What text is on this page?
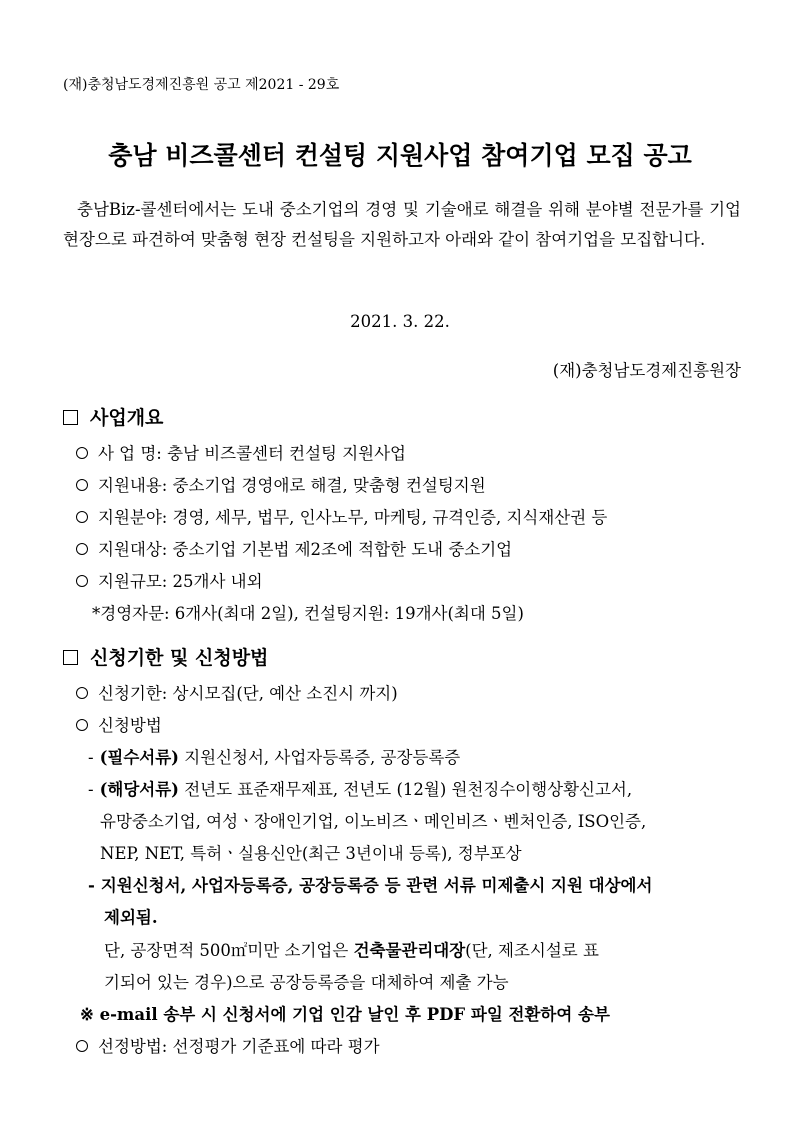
(재)충청남도경제진흥원 공고 제2021 - 29호
충남 비즈콜센터 컨설팅 지원사업 참여기업 모집 공고
충남Biz-콜센터에서는 도내 중소기업의 경영 및 기술애로 해결을 위해 분야별 전문가를 기업현장으로 파견하여 맞춤형 현장 컨설팅을 지원하고자 아래와 같이 참여기업을 모집합니다.
2021. 3. 22.
(재)충청남도경제진흥원장
사업개요
사 업 명: 충남 비즈콜센터 컨설팅 지원사업
지원내용: 중소기업 경영애로 해결, 맞춤형 컨설팅지원
지원분야: 경영, 세무, 법무, 인사노무, 마케팅, 규격인증, 지식재산권 등
지원대상: 중소기업 기본법 제2조에 적합한 도내 중소기업
지원규모: 25개사 내외
*경영자문: 6개사(최대 2일), 컨설팅지원: 19개사(최대 5일)
신청기한 및 신청방법
신청기한: 상시모집(단, 예산 소진시 까지)
신청방법
- (필수서류) 지원신청서, 사업자등록증, 공장등록증
- (해당서류) 전년도 표준재무제표, 전년도 (12월) 원천징수이행상황신고서,
유망중소기업, 여성ㆍ장애인기업, 이노비즈ㆍ메인비즈ㆍ벤처인증, ISO인증,
NEP, NET, 특허ㆍ실용신안(최근 3년이내 등록), 정부포상
- 지원신청서, 사업자등록증, 공장등록증 등 관련 서류 미제출시 지원 대상에서
제외됨.
단, 공장면적 500㎡미만 소기업은 건축물관리대장(단, 제조시설로 표
기되어 있는 경우)으로 공장등록증을 대체하여 제출 가능
※ e-mail 송부 시 신청서에 기업 인감 날인 후 PDF 파일 전환하여 송부
선정방법: 선정평가 기준표에 따라 평가
